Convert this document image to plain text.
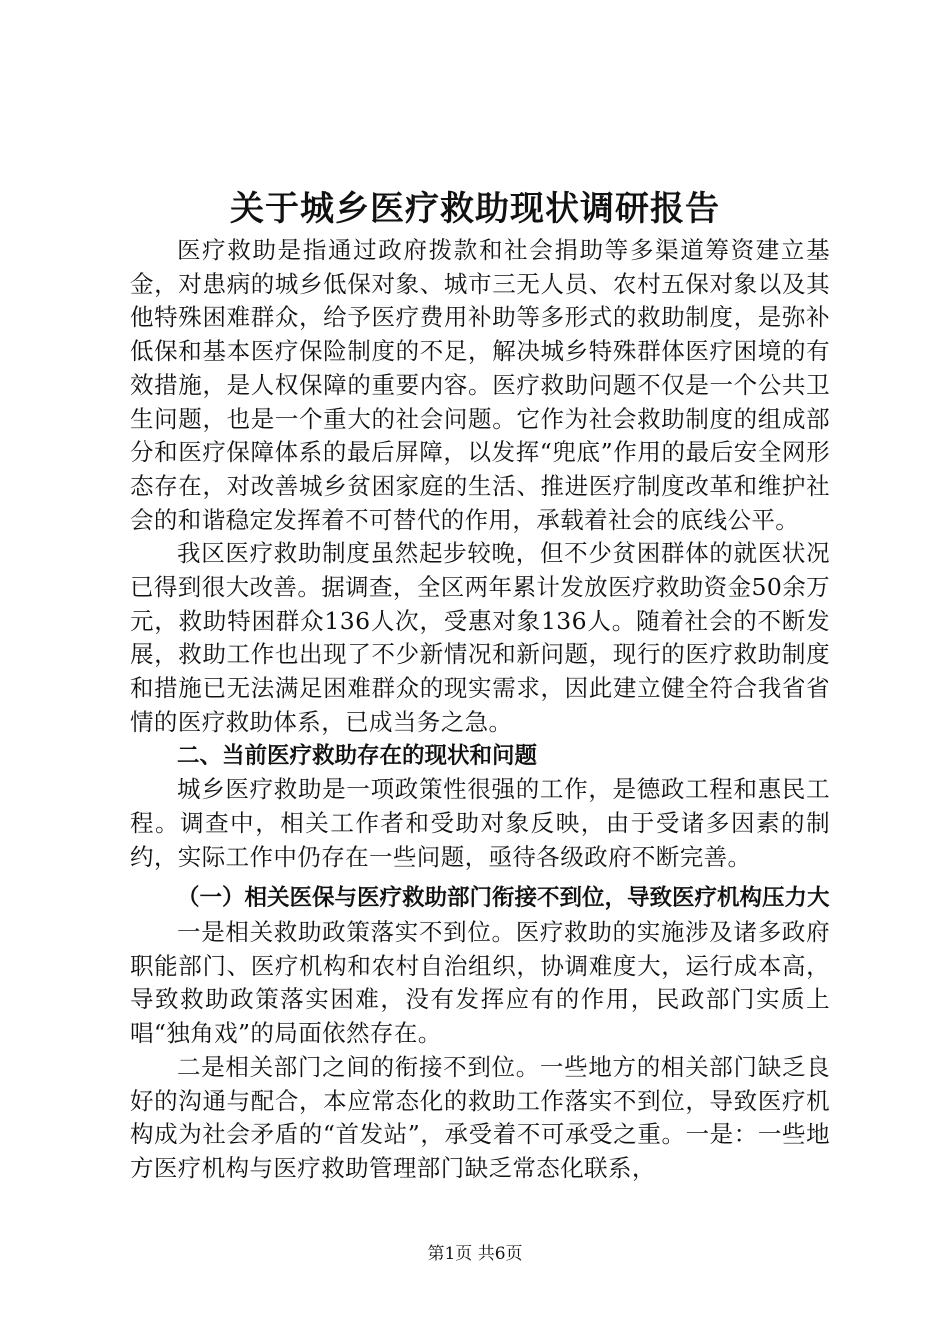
关于城乡医疗救助现状调研报告

医疗救助是指通过政府拨款和社会捐助等多渠道筹资建立基金，对患病的城乡低保对象、城市三无人员、农村五保对象以及其他特殊困难群众，给予医疗费用补助等多形式的救助制度，是弥补低保和基本医疗保险制度的不足，解决城乡特殊群体医疗困境的有效措施，是人权保障的重要内容。医疗救助问题不仅是一个公共卫生问题，也是一个重大的社会问题。它作为社会救助制度的组成部分和医疗保障体系的最后屏障，以发挥“兜底”作用的最后安全网形态存在，对改善城乡贫困家庭的生活、推进医疗制度改革和维护社会的和谐稳定发挥着不可替代的作用，承载着社会的底线公平。

我区医疗救助制度虽然起步较晚，但不少贫困群体的就医状况已得到很大改善。据调查，全区两年累计发放医疗救助资金50余万元，救助特困群众136人次，受惠对象136人。随着社会的不断发展，救助工作也出现了不少新情况和新问题，现行的医疗救助制度和措施已无法满足困难群众的现实需求，因此建立健全符合我省省情的医疗救助体系，已成当务之急。

二、当前医疗救助存在的现状和问题

城乡医疗救助是一项政策性很强的工作，是德政工程和惠民工程。调查中，相关工作者和受助对象反映，由于受诸多因素的制约，实际工作中仍存在一些问题，亟待各级政府不断完善。

（一）相关医保与医疗救助部门衔接不到位，导致医疗机构压力大

一是相关救助政策落实不到位。医疗救助的实施涉及诸多政府职能部门、医疗机构和农村自治组织，协调难度大，运行成本高，导致救助政策落实困难，没有发挥应有的作用，民政部门实质上唱“独角戏”的局面依然存在。

二是相关部门之间的衔接不到位。一些地方的相关部门缺乏良好的沟通与配合，本应常态化的救助工作落实不到位，导致医疗机构成为社会矛盾的“首发站”，承受着不可承受之重。一是：一些地方医疗机构与医疗救助管理部门缺乏常态化联系，

第1页 共6页
